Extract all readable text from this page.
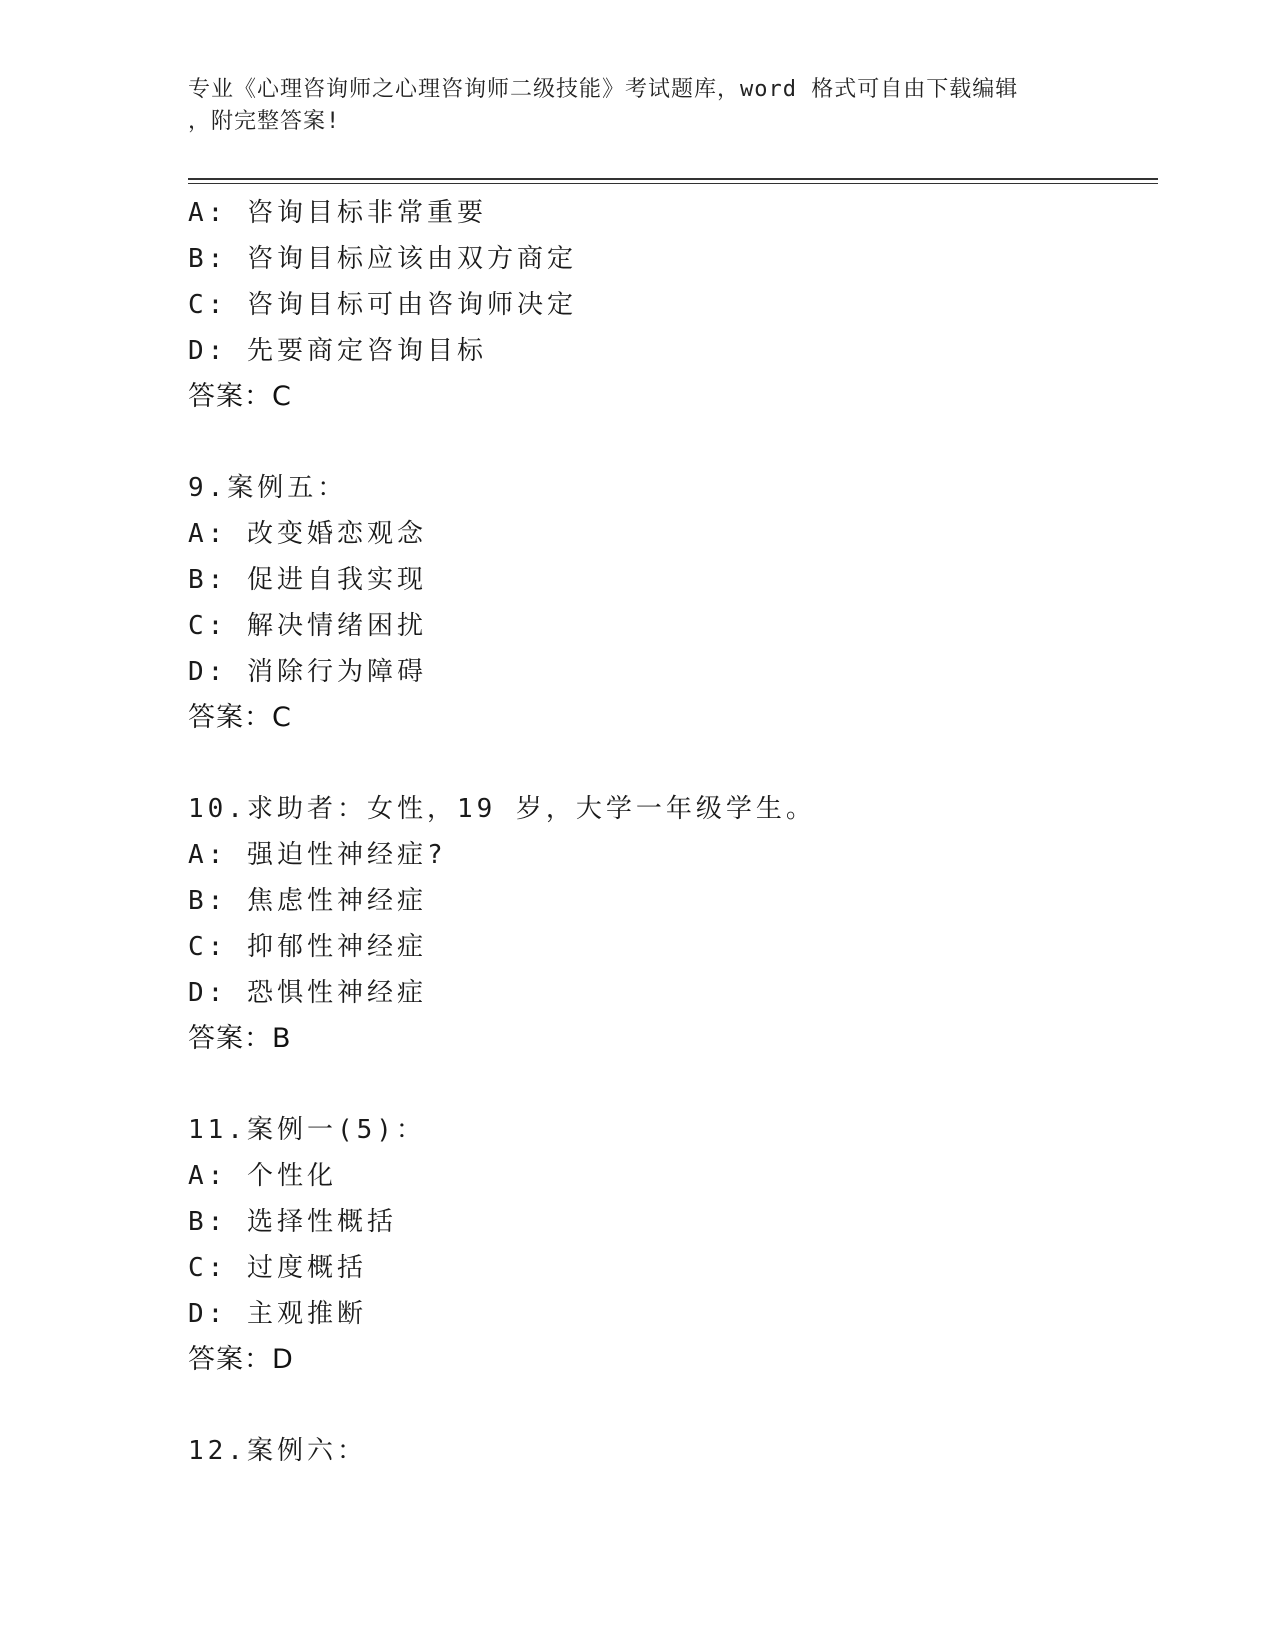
专业《心理咨询师之心理咨询师二级技能》考试题库，word 格式可自由下载编辑
，附完整答案!
A: 咨询目标非常重要
B: 咨询目标应该由双方商定
C: 咨询目标可由咨询师决定
D: 先要商定咨询目标
答案：C
9.案例五：
A: 改变婚恋观念
B: 促进自我实现
C: 解决情绪困扰
D: 消除行为障碍
答案：C
10.求助者：女性，19 岁，大学一年级学生。
A: 强迫性神经症?
B: 焦虑性神经症
C: 抑郁性神经症
D: 恐惧性神经症
答案：B
11.案例一(5)：
A: 个性化
B: 选择性概括
C: 过度概括
D: 主观推断
答案：D
12.案例六：
